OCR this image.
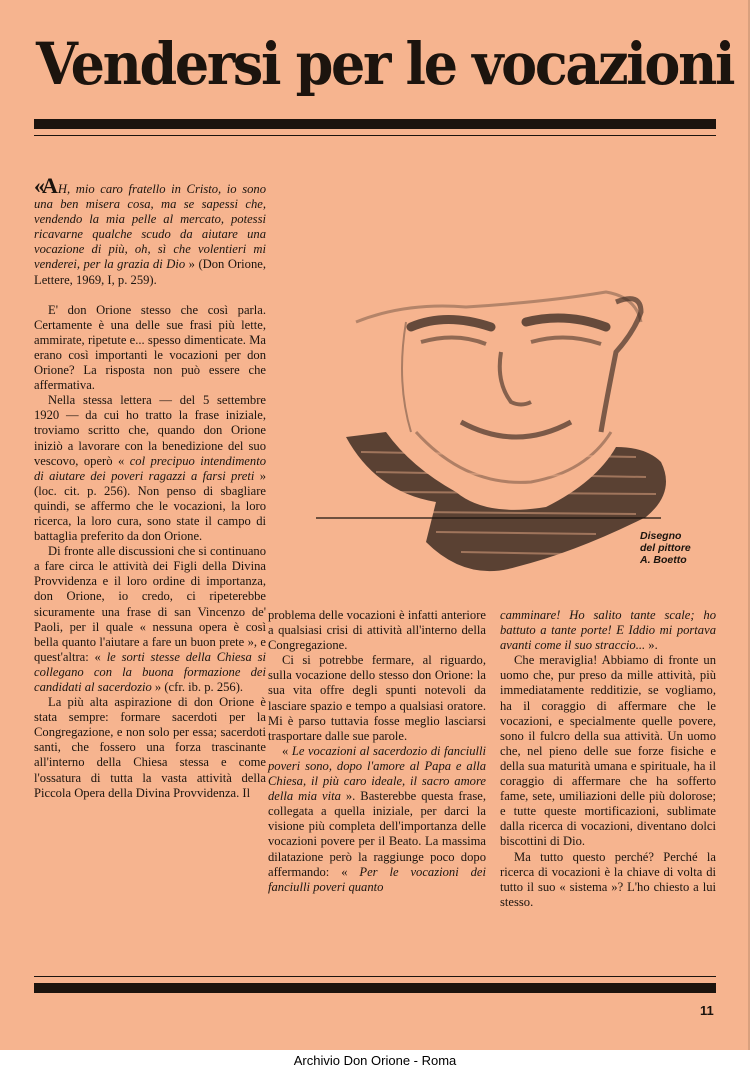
Vendersi per le vocazioni

«AH, mio caro fratello in Cristo, io sono una ben misera cosa, ma se sapessi che, vendendo la mia pelle al mercato, potessi ricavarne qualche scudo da aiutare una vocazione di più, oh, sì che volentieri mi venderei, per la grazia di Dio » (Don Orione, Lettere, 1969, I, p. 259).

E' don Orione stesso che così parla. Certamente è una delle sue frasi più lette, ammirate, ripetute e... spesso dimenticate. Ma erano così importanti le vocazioni per don Orione? La risposta non può essere che affermativa.

Nella stessa lettera — del 5 settembre 1920 — da cui ho tratto la frase iniziale, troviamo scritto che, quando don Orione iniziò a lavorare con la benedizione del suo vescovo, operò « col precipuo intendimento di aiutare dei poveri ragazzi a farsi preti » (loc. cit. p. 256). Non penso di sbagliare quindi, se affermo che le vocazioni, la loro ricerca, la loro cura, sono state il campo di battaglia preferito da don Orione.

Di fronte alle discussioni che si continuano a fare circa le attività dei Figli della Divina Provvidenza e il loro ordine di importanza, don Orione, io credo, ci ripeterebbe sicuramente una frase di san Vincenzo de' Paoli, per il quale « nessuna opera è così bella quanto l'aiutare a fare un buon prete », e quest'altra: « le sorti stesse della Chiesa si collegano con la buona formazione dei candidati al sacerdozio » (cfr. ib. p. 256).

La più alta aspirazione di don Orione è stata sempre: formare sacerdoti per la Congregazione, e non solo per essa; sacerdoti santi, che fossero una forza trascinante all'interno della Chiesa stessa e come l'ossatura di tutta la vasta attività della Piccola Opera della Divina Provvidenza. Il

Disegno
del pittore
A. Boetto

problema delle vocazioni è infatti anteriore a qualsiasi crisi di attività all'interno della Congregazione.

Ci si potrebbe fermare, al riguardo, sulla vocazione dello stesso don Orione: la sua vita offre degli spunti notevoli da lasciare spazio e tempo a qualsiasi oratore. Mi è parso tuttavia fosse meglio lasciarsi trasportare dalle sue parole.

« Le vocazioni al sacerdozio di fanciulli poveri sono, dopo l'amore al Papa e alla Chiesa, il più caro ideale, il sacro amore della mia vita ». Basterebbe questa frase, collegata a quella iniziale, per darci la visione più completa dell'importanza delle vocazioni povere per il Beato. La massima dilatazione però la raggiunge poco dopo affermando: « Per le vocazioni dei fanciulli poveri quanto

camminare! Ho salito tante scale; ho battuto a tante porte! E Iddio mi portava avanti come il suo straccio... ».

Che meraviglia! Abbiamo di fronte un uomo che, pur preso da mille attività, più immediatamente redditizie, se vogliamo, ha il coraggio di affermare che le vocazioni, e specialmente quelle povere, sono il fulcro della sua attività. Un uomo che, nel pieno delle sue forze fisiche e della sua maturità umana e spirituale, ha il coraggio di affermare che ha sofferto fame, sete, umiliazioni delle più dolorose; e tutte queste mortificazioni, sublimate dalla ricerca di vocazioni, diventano dolci biscottini di Dio.

Ma tutto questo perché? Perché la ricerca di vocazioni è la chiave di volta di tutto il suo « sistema »? L'ho chiesto a lui stesso.

11

Archivio Don Orione - Roma
